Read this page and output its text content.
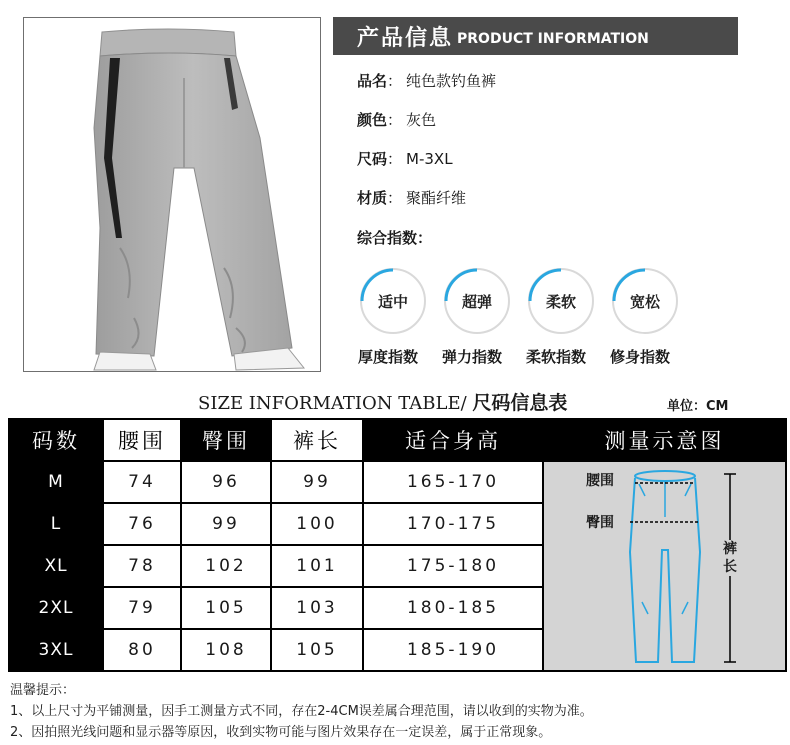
产品信息 PRODUCT INFORMATION
品名 ： 纯色款钓鱼裤
颜色 ： 灰色
尺码 ： M-3XL
材质 ： 聚酯纤维
综合指数：
适中
厚度指数
超弹
弹力指数
柔软
柔软指数
宽松
修身指数
SIZE INFORMATION TABLE/ 尺码信息表	单位：CM
码数	腰围	臀围	裤长	适合身高	测量示意图
M	74	96	99	165-170	腰围
臀围
裤长

L	76	99	100	170-175	
XL	78	102	101	175-180	
2XL	79	105	103	180-185	
3XL	80	108	105	185-190	
温馨提示：
1、以上尺寸为平铺测量，因手工测量方式不同，存在2-4CM误差属合理范围，请以收到的实物为准。
2、因拍照光线问题和显示器等原因，收到实物可能与图片效果存在一定误差，属于正常现象。
